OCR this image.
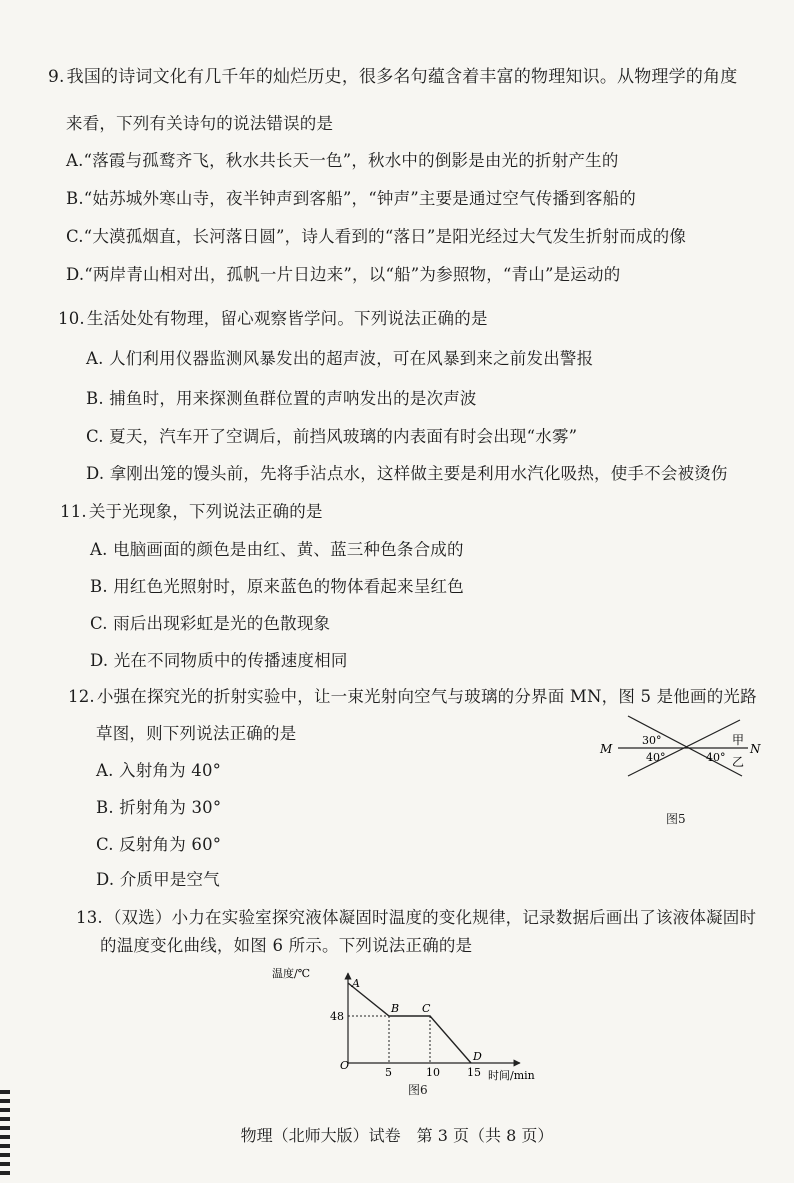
9. 我国的诗词文化有几千年的灿烂历史，很多名句蕴含着丰富的物理知识。从物理学的角度
来看，下列有关诗句的说法错误的是
A.“落霞与孤鹜齐飞，秋水共长天一色”，秋水中的倒影是由光的折射产生的
B.“姑苏城外寒山寺，夜半钟声到客船”，“钟声”主要是通过空气传播到客船的
C.“大漠孤烟直，长河落日圆”，诗人看到的“落日”是阳光经过大气发生折射而成的像
D.“两岸青山相对出，孤帆一片日边来”，以“船”为参照物，“青山”是运动的
10. 生活处处有物理，留心观察皆学问。下列说法正确的是
A. 人们利用仪器监测风暴发出的超声波，可在风暴到来之前发出警报
B. 捕鱼时，用来探测鱼群位置的声呐发出的是次声波
C. 夏天，汽车开了空调后，前挡风玻璃的内表面有时会出现“水雾”
D. 拿刚出笼的馒头前，先将手沾点水，这样做主要是利用水汽化吸热，使手不会被烫伤
11. 关于光现象，下列说法正确的是
A. 电脑画面的颜色是由红、黄、蓝三种色条合成的
B. 用红色光照射时，原来蓝色的物体看起来呈红色
C. 雨后出现彩虹是光的色散现象
D. 光在不同物质中的传播速度相同
12. 小强在探究光的折射实验中，让一束光射向空气与玻璃的分界面 MN，图 5 是他画的光路
草图，则下列说法正确的是
A. 入射角为 40°
B. 折射角为 30°
C. 反射角为 60°
D. 介质甲是空气
M	N
甲
乙
30°
40°	40°
图5
13. （双选）小力在实验室探究液体凝固时温度的变化规律，记录数据后画出了该液体凝固时
的温度变化曲线，如图 6 所示。下列说法正确的是
温度/℃
时间/min
O
48
5	10 15
A
B C
D
图6
物理（北师大版）试卷　第 3 页（共 8 页）
